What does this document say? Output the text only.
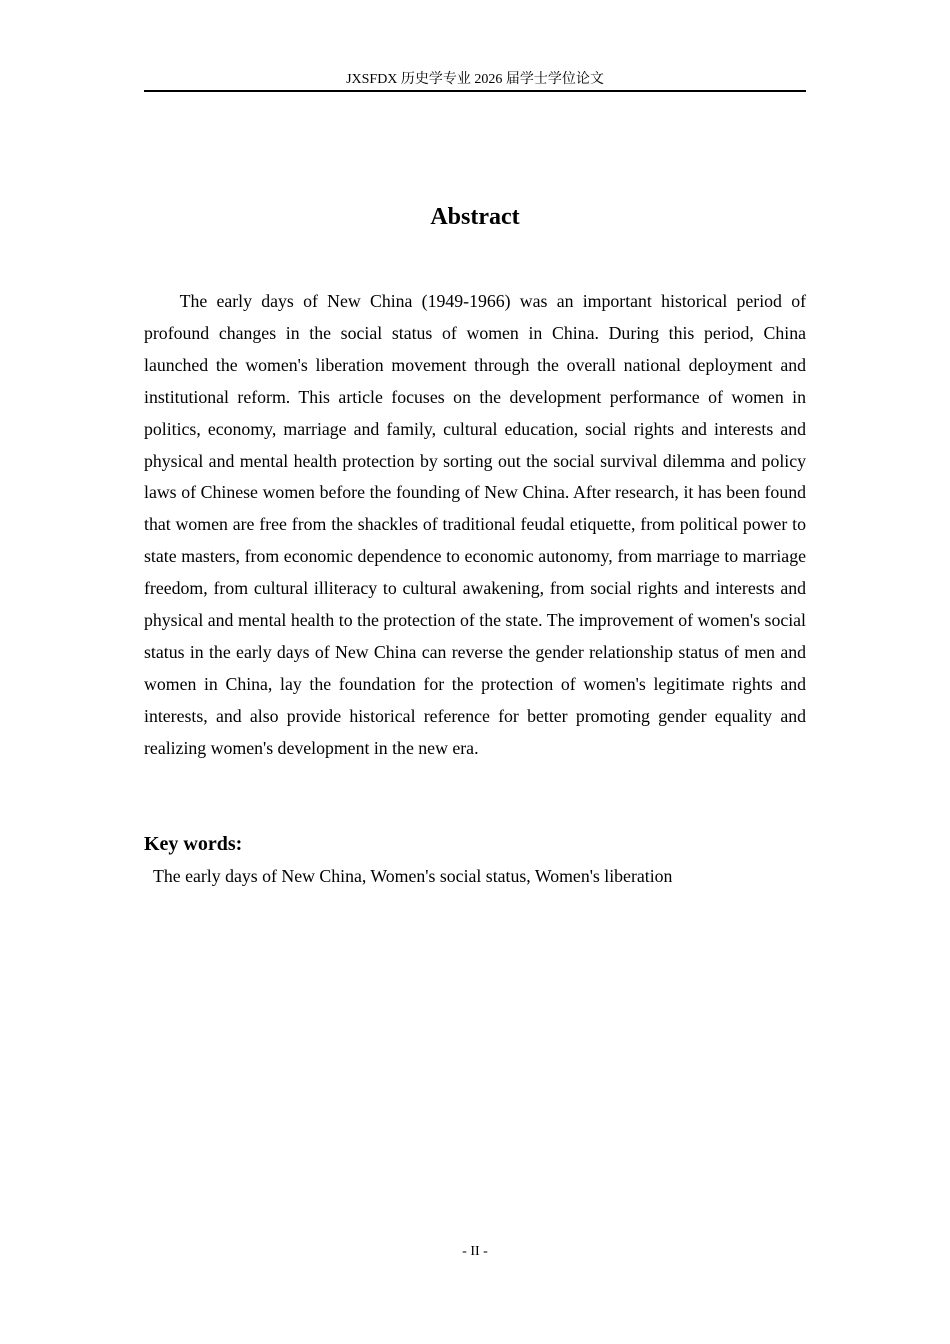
JXSFDX 历史学专业 2026 届学士学位论文
Abstract

The early days of New China (1949-1966) was an important historical period of profound changes in the social status of women in China. During this period, China launched the women's liberation movement through the overall national deployment and institutional reform. This article focuses on the development performance of women in politics, economy, marriage and family, cultural education, social rights and interests and physical and mental health protection by sorting out the social survival dilemma and policy laws of Chinese women before the founding of New China. After research, it has been found that women are free from the shackles of traditional feudal etiquette, from political power to state masters, from economic dependence to economic autonomy, from marriage to marriage freedom, from cultural illiteracy to cultural awakening, from social rights and interests and physical and mental health to the protection of the state. The improvement of women's social status in the early days of New China can reverse the gender relationship status of men and women in China, lay the foundation for the protection of women's legitimate rights and interests, and also provide historical reference for better promoting gender equality and realizing women's development in the new era.

Key words:

The early days of New China, Women's social status, Women's liberation

- II -
